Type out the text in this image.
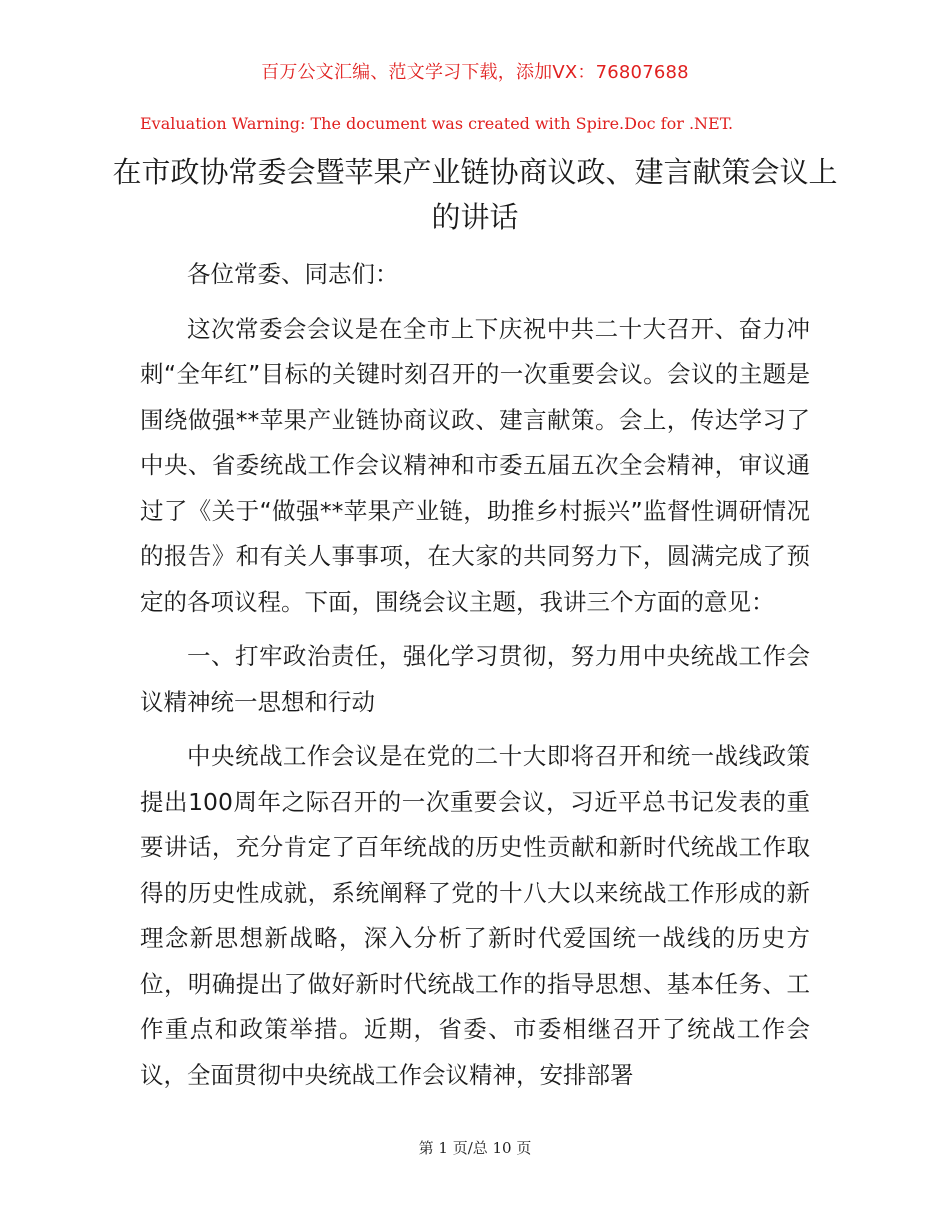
百万公文汇编、范文学习下载，添加VX：76807688
Evaluation Warning: The document was created with Spire.Doc for .NET.
在市政协常委会暨苹果产业链协商议政、建言献策会议上的讲话

各位常委、同志们：

这次常委会会议是在全市上下庆祝中共二十大召开、奋力冲刺“全年红”目标的关键时刻召开的一次重要会议。会议的主题是围绕做强**苹果产业链协商议政、建言献策。会上，传达学习了中央、省委统战工作会议精神和市委五届五次全会精神，审议通过了《关于“做强**苹果产业链，助推乡村振兴”监督性调研情况的报告》和有关人事事项，在大家的共同努力下，圆满完成了预定的各项议程。下面，围绕会议主题，我讲三个方面的意见：

一、打牢政治责任，强化学习贯彻，努力用中央统战工作会议精神统一思想和行动

中央统战工作会议是在党的二十大即将召开和统一战线政策提出100周年之际召开的一次重要会议，习近平总书记发表的重要讲话，充分肯定了百年统战的历史性贡献和新时代统战工作取得的历史性成就，系统阐释了党的十八大以来统战工作形成的新理念新思想新战略，深入分析了新时代爱国统一战线的历史方位，明确提出了做好新时代统战工作的指导思想、基本任务、工作重点和政策举措。近期，省委、市委相继召开了统战工作会议，全面贯彻中央统战工作会议精神，安排部署

第 1 页/总 10 页
